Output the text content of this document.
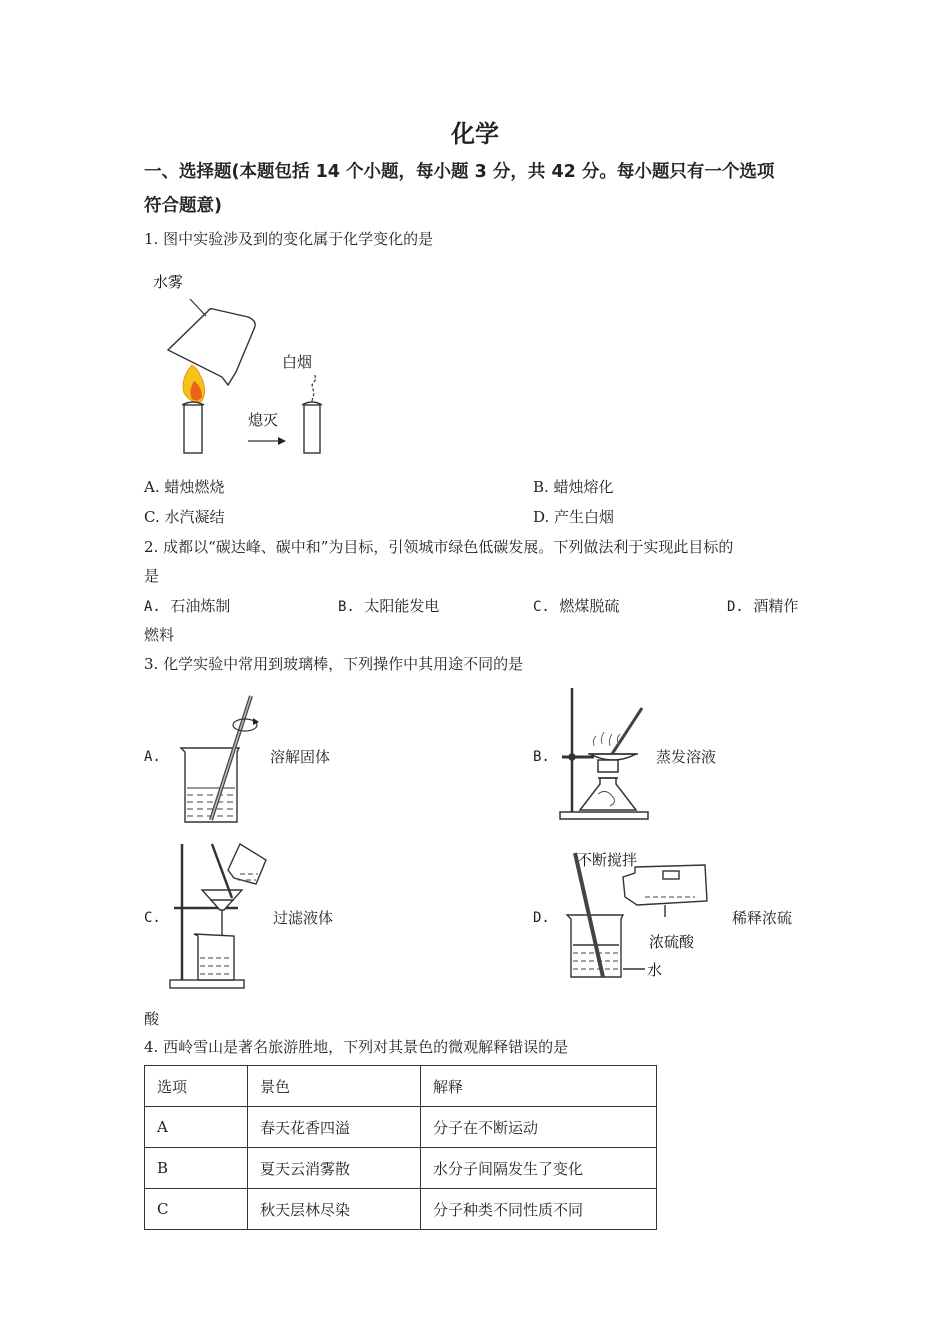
化学
一、选择题(本题包括 14 个小题，每小题 3 分，共 42 分。每小题只有一个选项
符合题意)
1. 图中实验涉及到的变化属于化学变化的是
水雾
熄灭
白烟
A. 蜡烛燃烧	B. 蜡烛熔化
C. 水汽凝结	D. 产生白烟
2. 成都以“碳达峰、碳中和”为目标，引领城市绿色低碳发展。下列做法利于实现此目标的
是
A. 石油炼制	B. 太阳能发电	C. 燃煤脱硫	D. 酒精作
燃料
3. 化学实验中常用到玻璃棒，下列操作中其用途不同的是
A.	溶解固体	B.	蒸发溶液
C.	过滤液体	D.
不断搅拌
浓硫酸
水
稀释浓硫
酸
4. 西岭雪山是著名旅游胜地，下列对其景色的微观解释错误的是
选项	景色	解释
A	春天花香四溢	分子在不断运动
B	夏天云消雾散	水分子间隔发生了变化
C	秋天层林尽染	分子种类不同性质不同
